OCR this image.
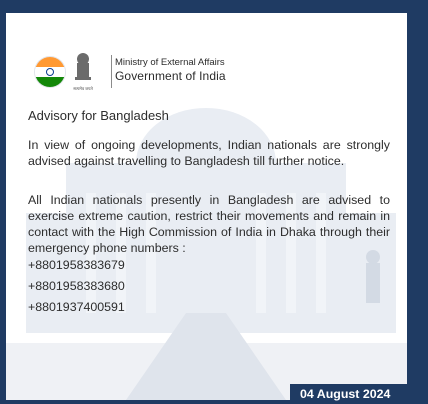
सत्यमेव जयते
Ministry of External Affairs
Government of India
Advisory for Bangladesh
In view of ongoing developments, Indian nationals are strongly advised against travelling to Bangladesh till further notice.
All Indian nationals presently in Bangladesh are advised to exercise extreme caution, restrict their movements and remain in contact with the High Commission of India in Dhaka through their emergency phone numbers :
+8801958383679
+8801958383680
+8801937400591
04 August 2024
